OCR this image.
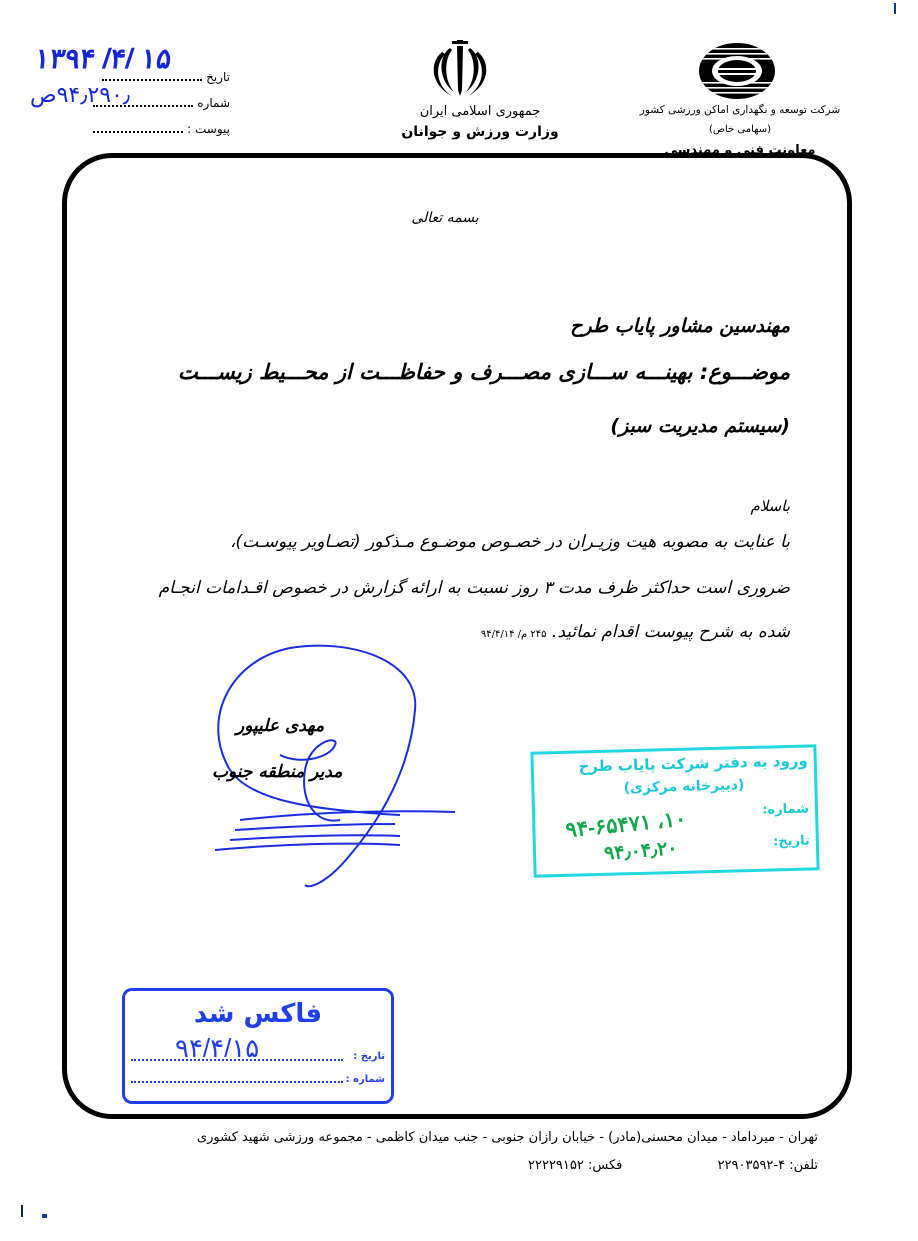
۱۳۹۴ /۴/ ۱۵
تاریخ
شماره
۹۴٫۲۹۰٫ص
پیوست :
جمهوری اسلامی ایران
وزارت ورزش و جوانان
شرکت توسعه و نگهداری اماکن ورزشی کشور
(سهامی خاص)
معاونت فنی و مهندسی
بسمه تعالی
مهندسین مشاور پایاب طرح
موضـــوع: بهینـــه ســـازی مصـــرف و حفاظـــت از محـــیط زیســـت
(سیستم مدیریت سبز)
باسلام
با عنایت به مصوبه هیت وزیـران در خصـوص موضـوع مـذکور (تصـاویر پیوسـت)،
ضروری است حداکثر ظرف مدت ۳ روز نسبت به ارائه گزارش در خصوص اقـدامات انجـام
شده به شرح پیوست اقدام نمائید. ۲۴۵ م/ ۹۴/۴/۱۴
مهدی علیپور
مدیر منطقه جنوب	ورود به دفتر شرکت پایاب طرح
(دبیرخانه مرکزی)
شماره:
تاریخ:
۱۰، ۹۴-۶۵۴۷۱
۹۴٫۰۴٫۲۰
فاکس شد
۹۴/۴/۱۵	تاریخ :
شماره :
تهران - میرداماد - میدان محسنی(مادر) - خیابان رازان جنوبی - جنب میدان کاظمی - مجموعه ورزشی شهید کشوری
تلفن: ۴-۲۲۹۰۳۵۹۲
فکس: ۲۲۲۲۹۱۵۲
